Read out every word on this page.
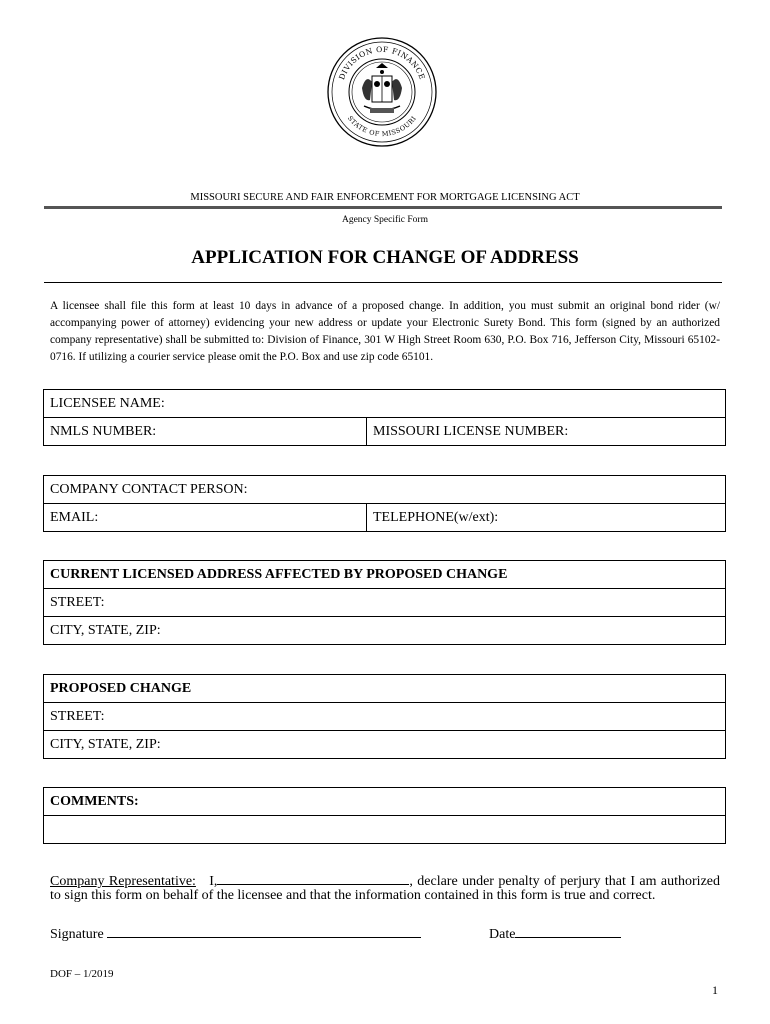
DIVISION OF FINANCE
STATE OF MISSOURI
MISSOURI SECURE AND FAIR ENFORCEMENT FOR MORTGAGE LICENSING ACT
Agency Specific Form
APPLICATION FOR CHANGE OF ADDRESS
A licensee shall file this form at least 10 days in advance of a proposed change. In addition, you must submit an original bond rider (w/ accompanying power of attorney) evidencing your new address or update your Electronic Surety Bond. This form (signed by an authorized company representative) shall be submitted to: Division of Finance, 301 W High Street Room 630, P.O. Box 716, Jefferson City, Missouri 65102-0716. If utilizing a courier service please omit the P.O. Box and use zip code 65101.
LICENSEE NAME:
NMLS NUMBER:	MISSOURI LICENSE NUMBER:
COMPANY CONTACT PERSON:
EMAIL:	TELEPHONE(w/ext):
CURRENT LICENSED ADDRESS AFFECTED BY PROPOSED CHANGE
STREET:
CITY, STATE, ZIP:
PROPOSED CHANGE
STREET:
CITY, STATE, ZIP:
COMMENTS:

Company Representative: I,	, declare under penalty of perjury that I am authorized to sign this form on behalf of the licensee and that the information contained in this form is true and correct.
Signature	Date
DOF – 1/2019
1
